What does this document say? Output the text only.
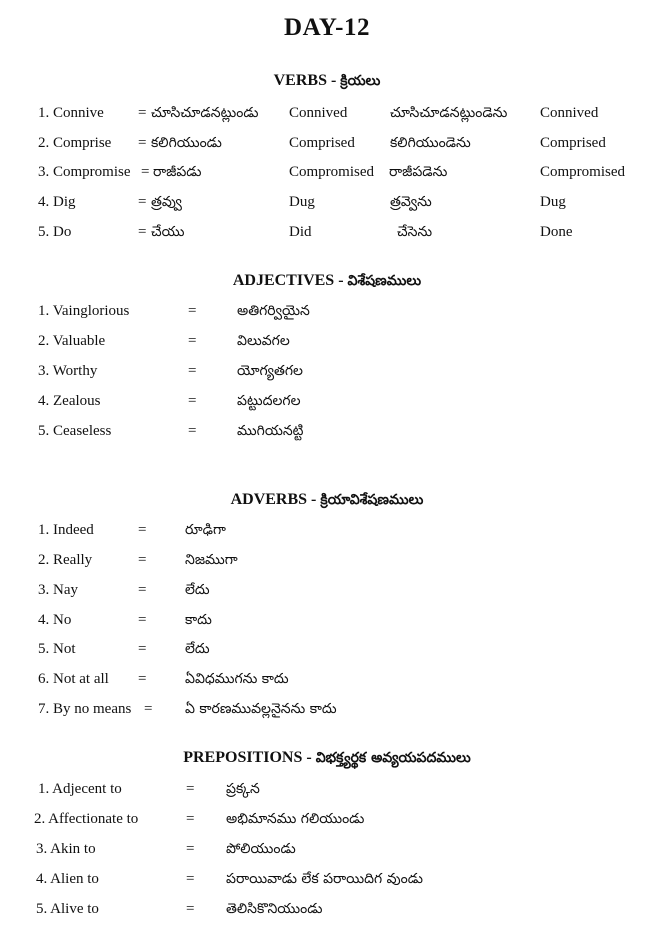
DAY-12
VERBS - క్రియలు
1. Connive = చూసిచూడనట్లుండు Connived	చూసిచూడనట్లుండెను Connived
2. Comprise = కలిగియుండు	Comprised	కలిగియుండెను	Comprised
3. Compromise = రాజీపడు	Compromised రాజీపడెను	Compromised
4. Dig	= త్రవ్వు	Dug	త్రవ్వెను	Dug
5. Do	= చేయు	Did	చేసెను	Done
ADJECTIVES - విశేషణములు
1. Vainglorious	=	అతిగర్వియైన
2. Valuable	=	విలువగల
3. Worthy	=	యోగ్యతగల
4. Zealous	=	పట్టుదలగల
5. Ceaseless	=	ముగియనట్టి
ADVERBS - క్రియావిశేషణములు
1. Indeed	=	రూఢిగా
2. Really	=	నిజముగా
3. Nay	=	లేదు
4. No	=	కాదు
5. Not	=	లేదు
6. Not at all =	ఏవిధముగను కాదు
7. By no means = ఏ కారణమువల్లనైనను కాదు
PREPOSITIONS - విభక్త్యర్థక అవ్యయపదములు
1. Adjecent to	= ప్రక్కన
2. Affectionate to	= అభిమానము గలియుండు
3. Akin to	= పోలియుండు
4. Alien to	= పరాయివాడు లేక పరాయిదిగ వుండు
5. Alive to	= తెలిసికొనియుండు
